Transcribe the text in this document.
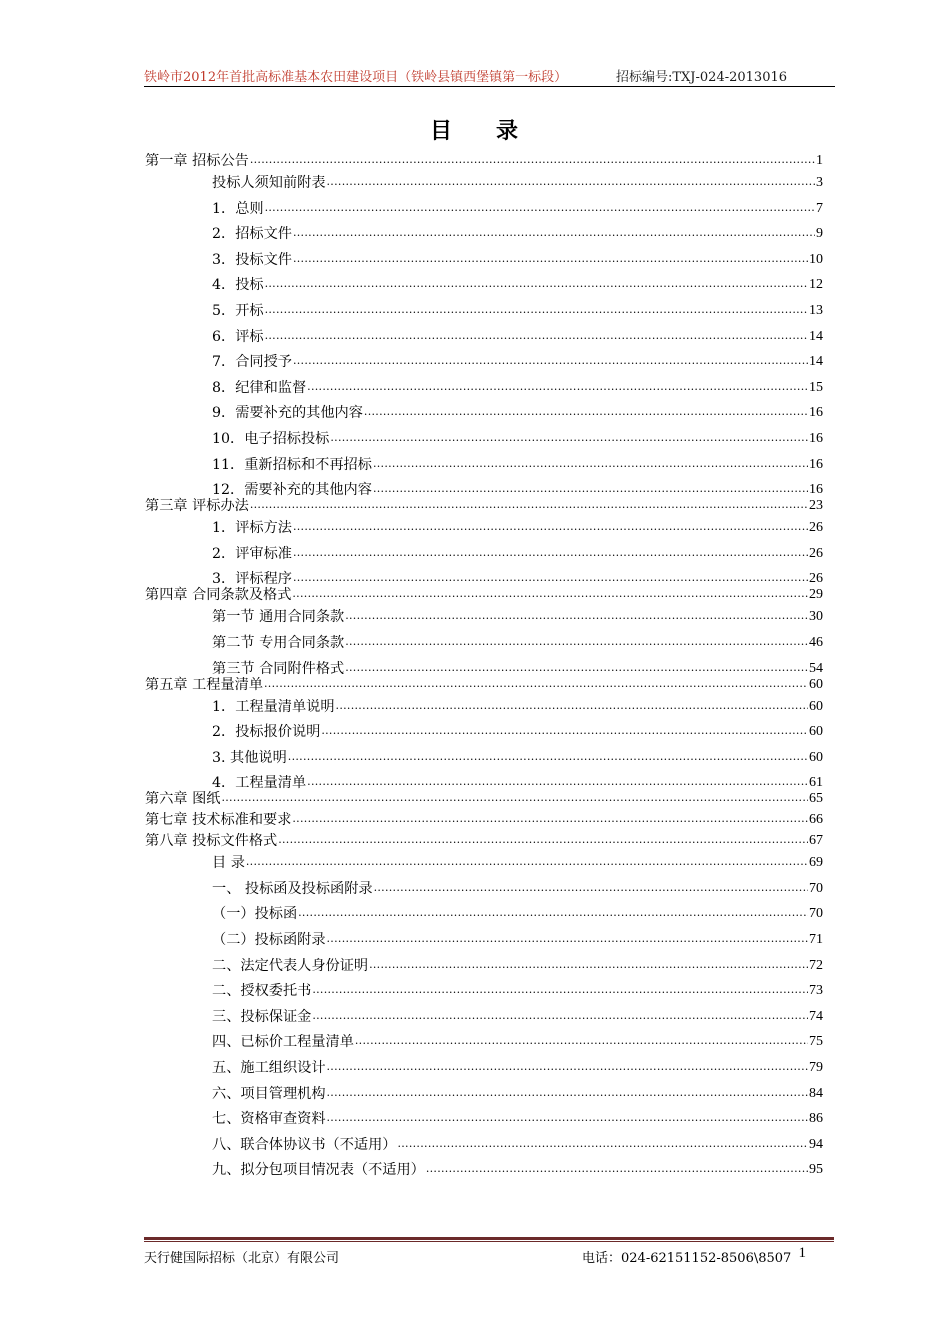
铁岭市2012年首批高标准基本农田建设项目（铁岭县镇西堡镇第一标段）	招标编号:TXJ-024-2013016
目 录
第一章 招标公告 .....	1
投标人须知前附表 .....	3
1．总则 .....	7
2．招标文件 .....	9
3．投标文件 .....	10
4．投标 .....	12
5．开标 .....	13
6．评标 .....	14
7．合同授予 .....	14
8．纪律和监督 .....	15
9．需要补充的其他内容 .....	16
10．电子招标投标 .....	16
11．重新招标和不再招标 .....	16
12．需要补充的其他内容 .....	16
第三章 评标办法 .....	23
1．评标方法 .....	26
2．评审标准 .....	26
3．评标程序 .....	26
第四章 合同条款及格式 .....	29
第一节 通用合同条款 .....	30
第二节 专用合同条款 .....	46
第三节 合同附件格式 .....	54
第五章 工程量清单 .....	60
1．工程量清单说明 .....	60
2．投标报价说明 .....	60
3. 其他说明 .....	60
4．工程量清单 .....	61
第六章 图纸 .....	65
第七章 技术标准和要求 .....	66
第八章 投标文件格式 .....	67
目 录 .....	69
一、 投标函及投标函附录 .....	70
（一）投标函 .....	70
（二）投标函附录 .....	71
二、法定代表人身份证明 .....	72
二、授权委托书 .....	73
三、投标保证金 .....	74
四、已标价工程量清单 .....	75
五、施工组织设计 .....	79
六、项目管理机构 .....	84
七、资格审查资料 .....	86
八、联合体协议书（不适用） .....	94
九、拟分包项目情况表（不适用） .....	95
天行健国际招标（北京）有限公司	电话：024-62151152-8506\8507 1
